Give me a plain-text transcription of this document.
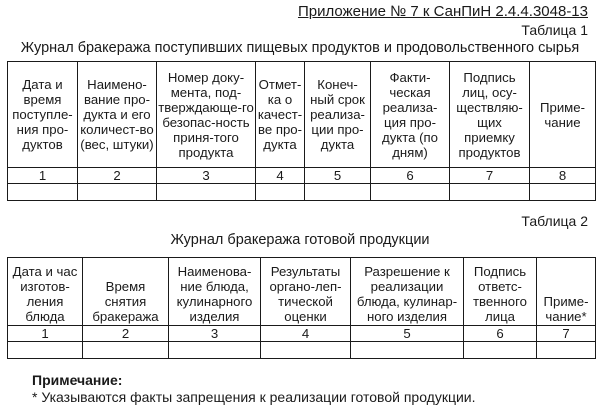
Приложение № 7 к СанПиН 2.4.4.3048-13
Таблица 1
Журнал бракеража поступивших пищевых продуктов и продовольственного сырья
Дата и время поступле-ния про-дуктов	Наимено-вание про-дукта и его количест-во (вес, штуки)	Номер доку-мента, под-тверждающе-го безопас-ность приня-того продукта	Отмет-ка о качест-ве про-дукта	Конеч-ный срок реализа-ции про-дукта	Факти-ческая реализа-ция про-дукта (по дням)	Подпись лиц, осу-ществляю-щих приемку продуктов	Приме-чание
1	2	3	4	5	6	7	8

Таблица 2
Журнал бракеража готовой продукции
Дата и час изготов-ления блюда	Время снятия бракеража	Наименова-ние блюда, кулинарного изделия	Результаты органо-леп-тической оценки	Разрешение к реализации блюда, кулинар-ного изделия	Подпись ответс-твенного лица	Приме-чание*
1	2	3	4	5	6	7

Примечание:
* Указываются факты запрещения к реализации готовой продукции.
